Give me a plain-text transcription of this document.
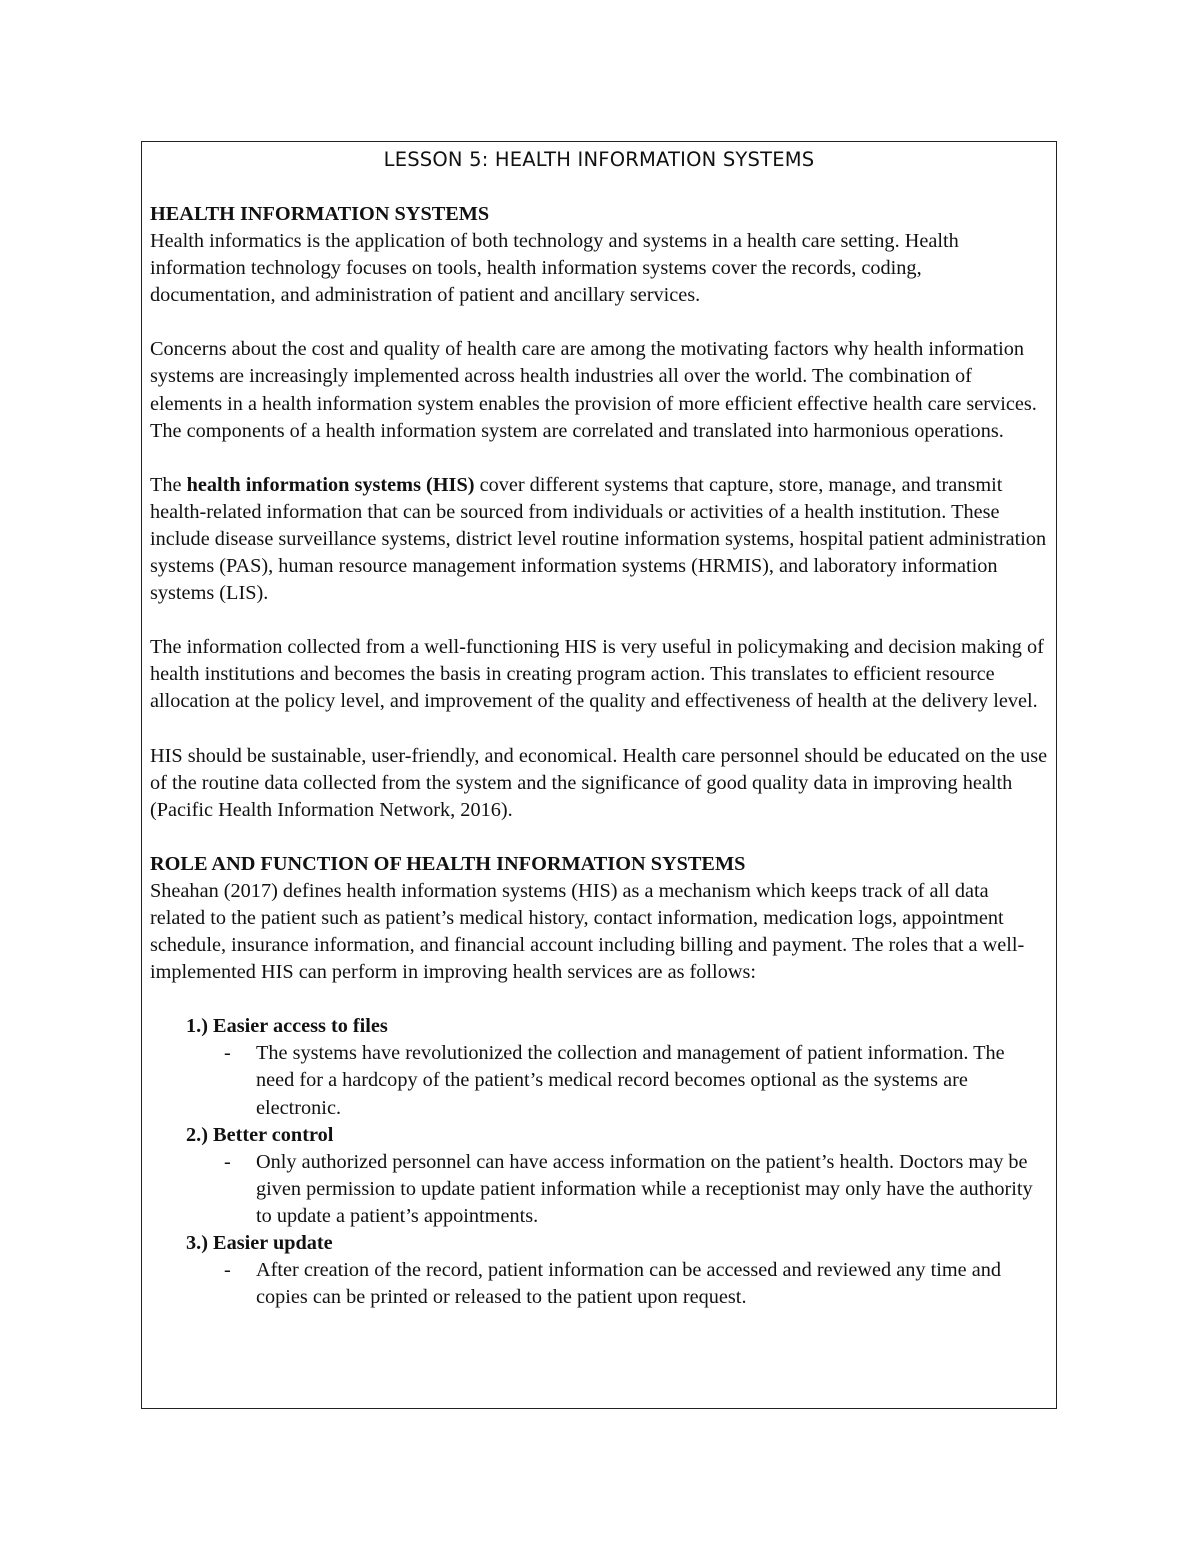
LESSON 5: HEALTH INFORMATION SYSTEMS
HEALTH INFORMATION SYSTEMS

Health informatics is the application of both technology and systems in a health care setting. Health information technology focuses on tools, health information systems cover the records, coding, documentation, and administration of patient and ancillary services.

Concerns about the cost and quality of health care are among the motivating factors why health information systems are increasingly implemented across health industries all over the world. The combination of elements in a health information system enables the provision of more efficient effective health care services. The components of a health information system are correlated and translated into harmonious operations.

The health information systems (HIS) cover different systems that capture, store, manage, and transmit health-related information that can be sourced from individuals or activities of a health institution. These include disease surveillance systems, district level routine information systems, hospital patient administration systems (PAS), human resource management information systems (HRMIS), and laboratory information systems (LIS).

The information collected from a well-functioning HIS is very useful in policymaking and decision making of health institutions and becomes the basis in creating program action. This translates to efficient resource allocation at the policy level, and improvement of the quality and effectiveness of health at the delivery level.

HIS should be sustainable, user-friendly, and economical. Health care personnel should be educated on the use of the routine data collected from the system and the significance of good quality data in improving health (Pacific Health Information Network, 2016).

ROLE AND FUNCTION OF HEALTH INFORMATION SYSTEMS

Sheahan (2017) defines health information systems (HIS) as a mechanism which keeps track of all data related to the patient such as patient’s medical history, contact information, medication logs, appointment schedule, insurance information, and financial account including billing and payment. The roles that a well-implemented HIS can perform in improving health services are as follows:

1.) Easier access to files
- The systems have revolutionized the collection and management of patient information. The need for a hardcopy of the patient’s medical record becomes optional as the systems are electronic.
2.) Better control
- Only authorized personnel can have access information on the patient’s health. Doctors may be given permission to update patient information while a receptionist may only have the authority to update a patient’s appointments.
3.) Easier update
- After creation of the record, patient information can be accessed and reviewed any time and copies can be printed or released to the patient upon request.
